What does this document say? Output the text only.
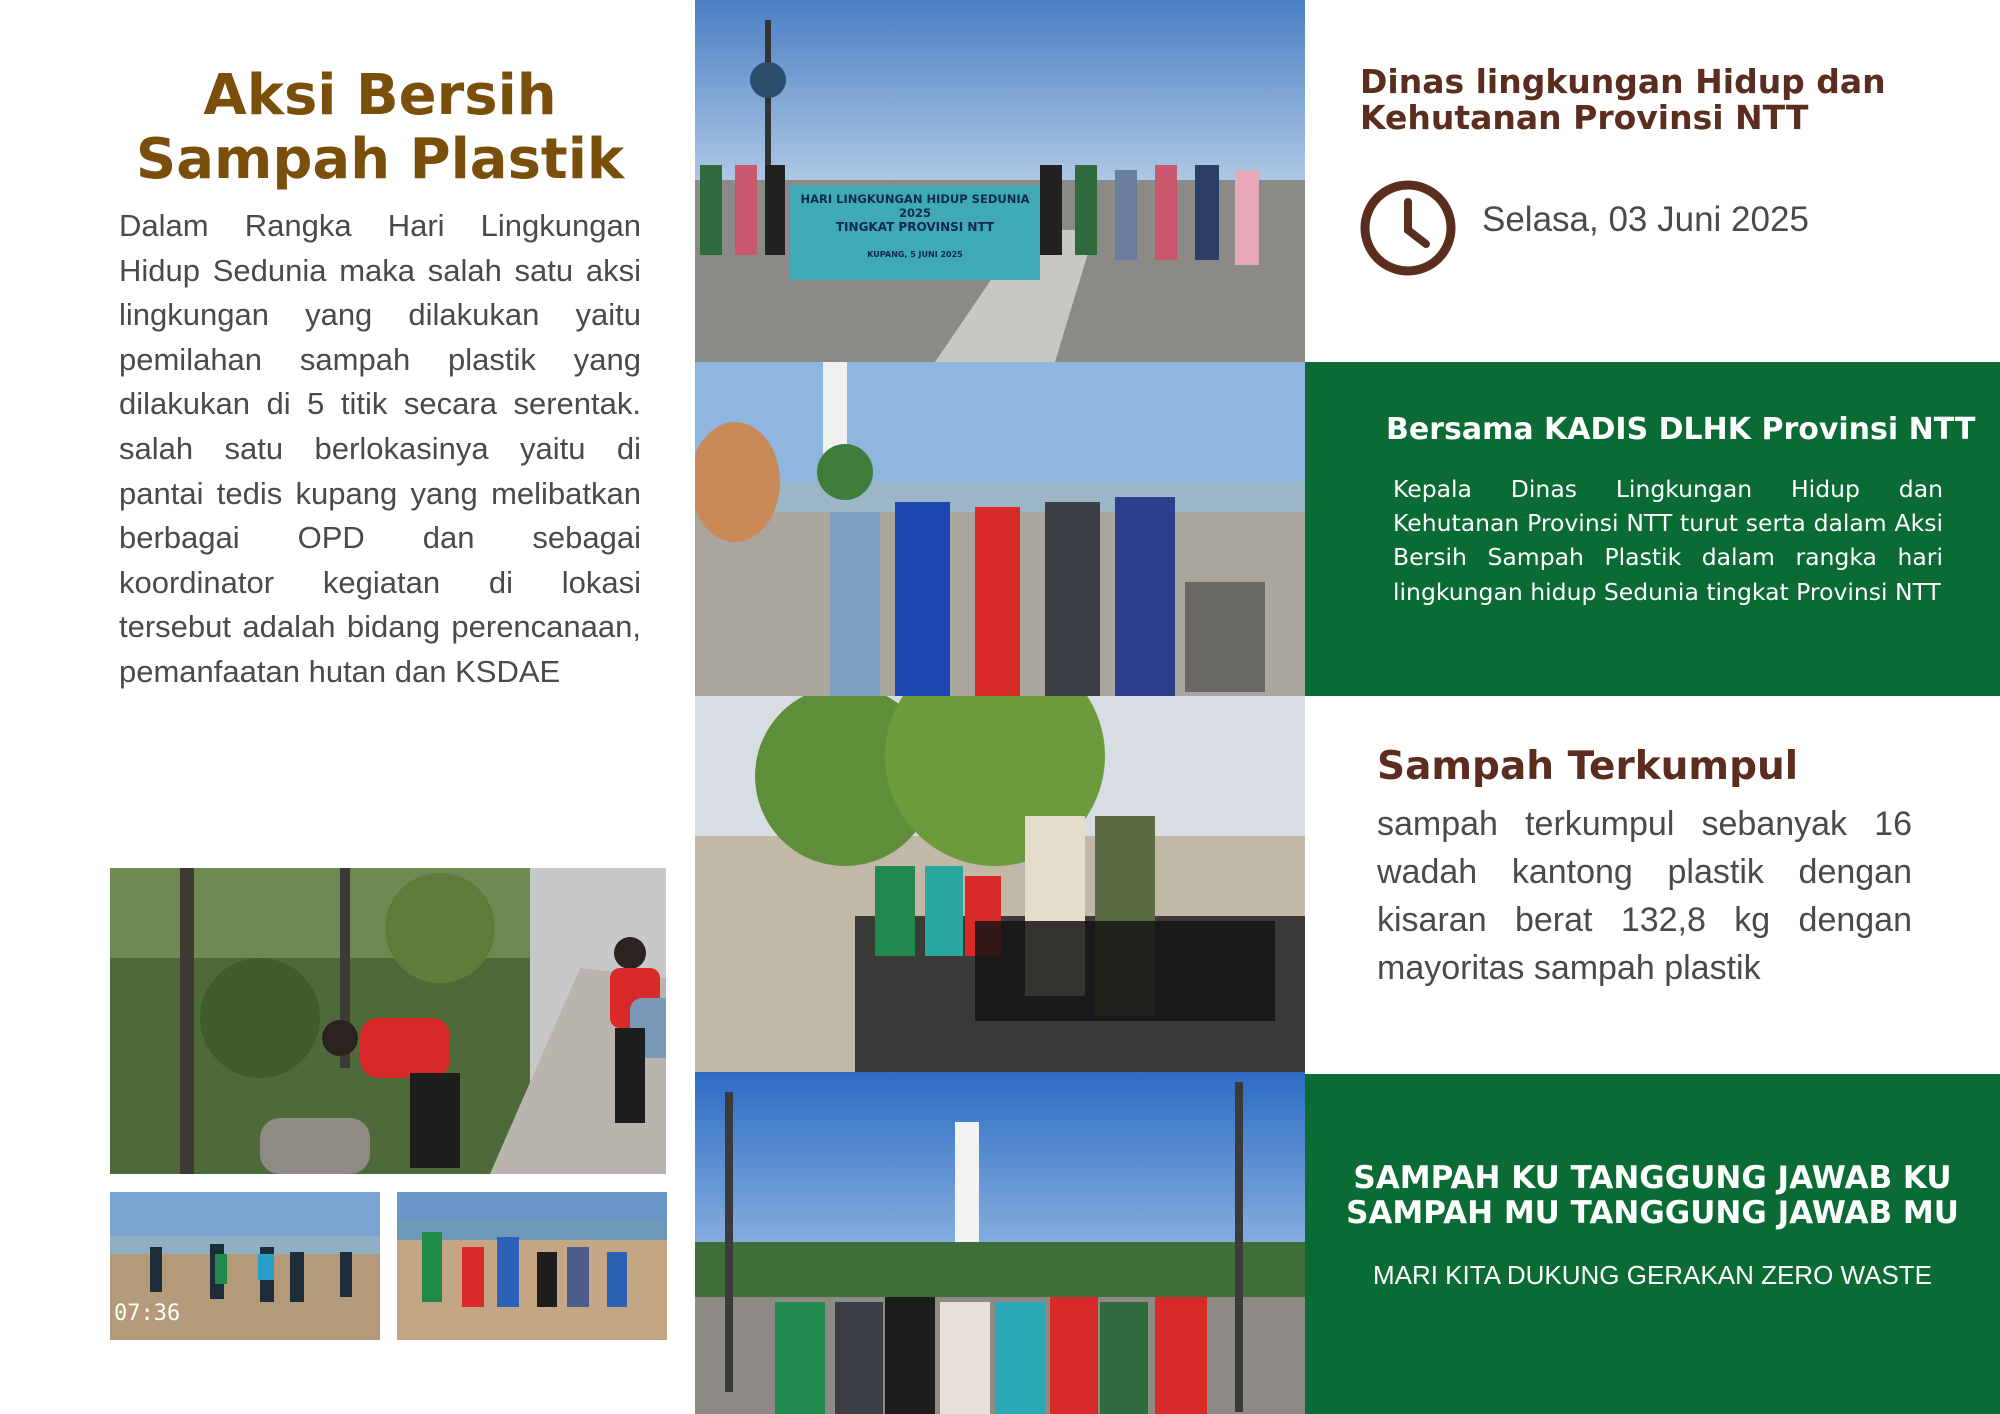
Aksi Bersih
Sampah Plastik

Dalam Rangka Hari Lingkungan Hidup Sedunia maka salah satu aksi lingkungan yang dilakukan yaitu pemilahan sampah plastik yang dilakukan di 5 titik secara serentak. salah satu berlokasinya yaitu di pantai tedis kupang yang melibatkan berbagai OPD dan sebagai koordinator kegiatan di lokasi tersebut adalah bidang perencanaan, pemanfaatan hutan dan KSDAE

07:36
HARI LINGKUNGAN HIDUP SEDUNIA 2025
TINGKAT PROVINSI NTT
KUPANG, 5 JUNI 2025
Dinas lingkungan Hidup dan
Kehutanan Provinsi NTT
Selasa, 03 Juni 2025
Bersama KADIS DLHK Provinsi NTT

Kepala Dinas Lingkungan Hidup dan Kehutanan Provinsi NTT turut serta dalam Aksi Bersih Sampah Plastik dalam rangka hari lingkungan hidup Sedunia tingkat Provinsi NTT

Sampah Terkumpul

sampah terkumpul sebanyak 16 wadah kantong plastik dengan kisaran berat 132,8 kg dengan mayoritas sampah plastik

SAMPAH KU TANGGUNG JAWAB KU
SAMPAH MU TANGGUNG JAWAB MU
MARI KITA DUKUNG GERAKAN ZERO WASTE
